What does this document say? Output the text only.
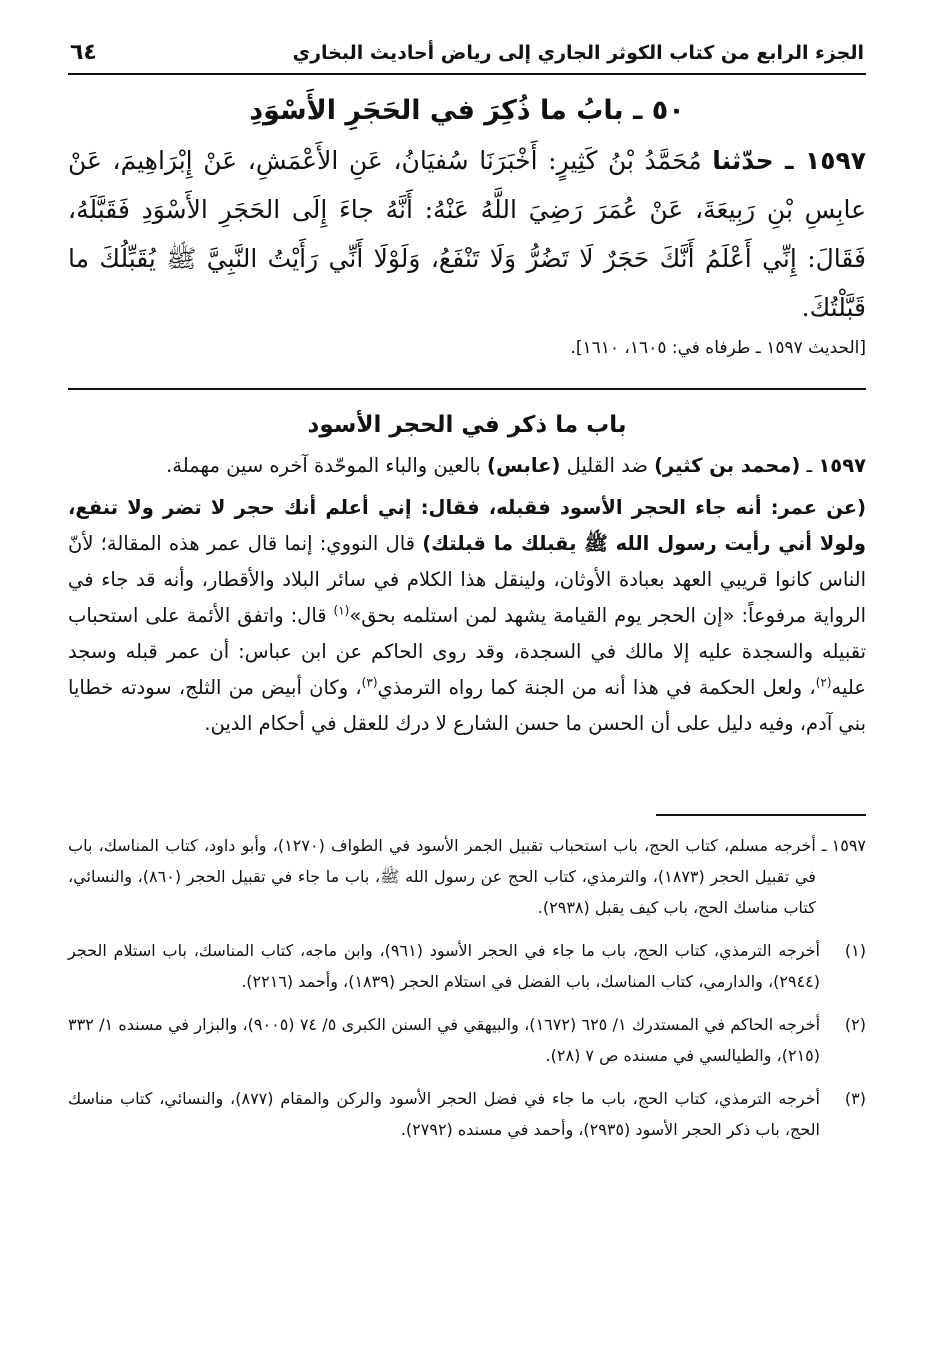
الجزء الرابع من كتاب الكوثر الجاري إلى رياض أحاديث البخاري
٦٤
٥٠ ـ بابُ ما ذُكِرَ في الحَجَرِ الأَسْوَدِ

١٥٩٧ ـ حدّثنا مُحَمَّدُ بْنُ كَثِيرٍ: أَخْبَرَنَا سُفيَانُ، عَنِ الأَعْمَشِ، عَنْ إِبْرَاهِيمَ، عَنْ عابِسِ بْنِ رَبِيعَةَ، عَنْ عُمَرَ رَضِيَ اللَّهُ عَنْهُ: أَنَّهُ جاءَ إِلَى الحَجَرِ الأَسْوَدِ فَقَبَّلَهُ، فَقَالَ: إِنِّي أَعْلَمُ أَنَّكَ حَجَرٌ لَا تَضُرُّ وَلَا تَنْفَعُ، وَلَوْلَا أَنِّي رَأَيْتُ النَّبِيَّ ﷺ يُقَبِّلُكَ ما قَبَّلْتُكَ.

[الحديث ١٥٩٧ ـ طرفاه في: ١٦٠٥، ١٦١٠].
باب ما ذكر في الحجر الأسود

١٥٩٧ ـ (محمد بن كثير) ضد القليل (عابس) بالعين والباء الموحّدة آخره سين مهملة.

(عن عمر: أنه جاء الحجر الأسود فقبله، فقال: إني أعلم أنك حجر لا تضر ولا تنفع، ولولا أني رأيت رسول الله ﷺ يقبلك ما قبلتك) قال النووي: إنما قال عمر هذه المقالة؛ لأنّ الناس كانوا قريبي العهد بعبادة الأوثان، ولينقل هذا الكلام في سائر البلاد والأقطار، وأنه قد جاء في الرواية مرفوعاً: «إن الحجر يوم القيامة يشهد لمن استلمه بحق»$^{(١)}$ قال: واتفق الأئمة على استحباب تقبيله والسجدة عليه إلا مالك في السجدة، وقد روى الحاكم عن ابن عباس: أن عمر قبله وسجد عليه$^{(٢)}$، ولعل الحكمة في هذا أنه من الجنة كما رواه الترمذي$^{(٣)}$، وكان أبيض من الثلج، سودته خطايا بني آدم، وفيه دليل على أن الحسن ما حسن الشارع لا درك للعقل في أحكام الدين.

١٥٩٧ ـ
أخرجه مسلم، كتاب الحج، باب استحباب تقبيل الجمر الأسود في الطواف (١٢٧٠)، وأبو داود، كتاب المناسك، باب في تقبيل الحجر (١٨٧٣)، والترمذي، كتاب الحج عن رسول الله ﷺ، باب ما جاء في تقبيل الحجر (٨٦٠)، والنسائي، كتاب مناسك الحج، باب كيف يقبل (٢٩٣٨).
(١)
أخرجه الترمذي، كتاب الحج، باب ما جاء في الحجر الأسود (٩٦١)، وابن ماجه، كتاب المناسك، باب استلام الحجر (٢٩٤٤)، والدارمي، كتاب المناسك، باب الفضل في استلام الحجر (١٨٣٩)، وأحمد (٢٢١٦).
(٢)
أخرجه الحاكم في المستدرك ١/ ٦٢٥ (١٦٧٢)، والبيهقي في السنن الكبرى ٥/ ٧٤ (٩٠٠٥)، والبزار في مسنده ١/ ٣٣٢ (٢١٥)، والطيالسي في مسنده ص ٧ (٢٨).
(٣)
أخرجه الترمذي، كتاب الحج، باب ما جاء في فضل الحجر الأسود والركن والمقام (٨٧٧)، والنسائي، كتاب مناسك الحج، باب ذكر الحجر الأسود (٢٩٣٥)، وأحمد في مسنده (٢٧٩٢).
